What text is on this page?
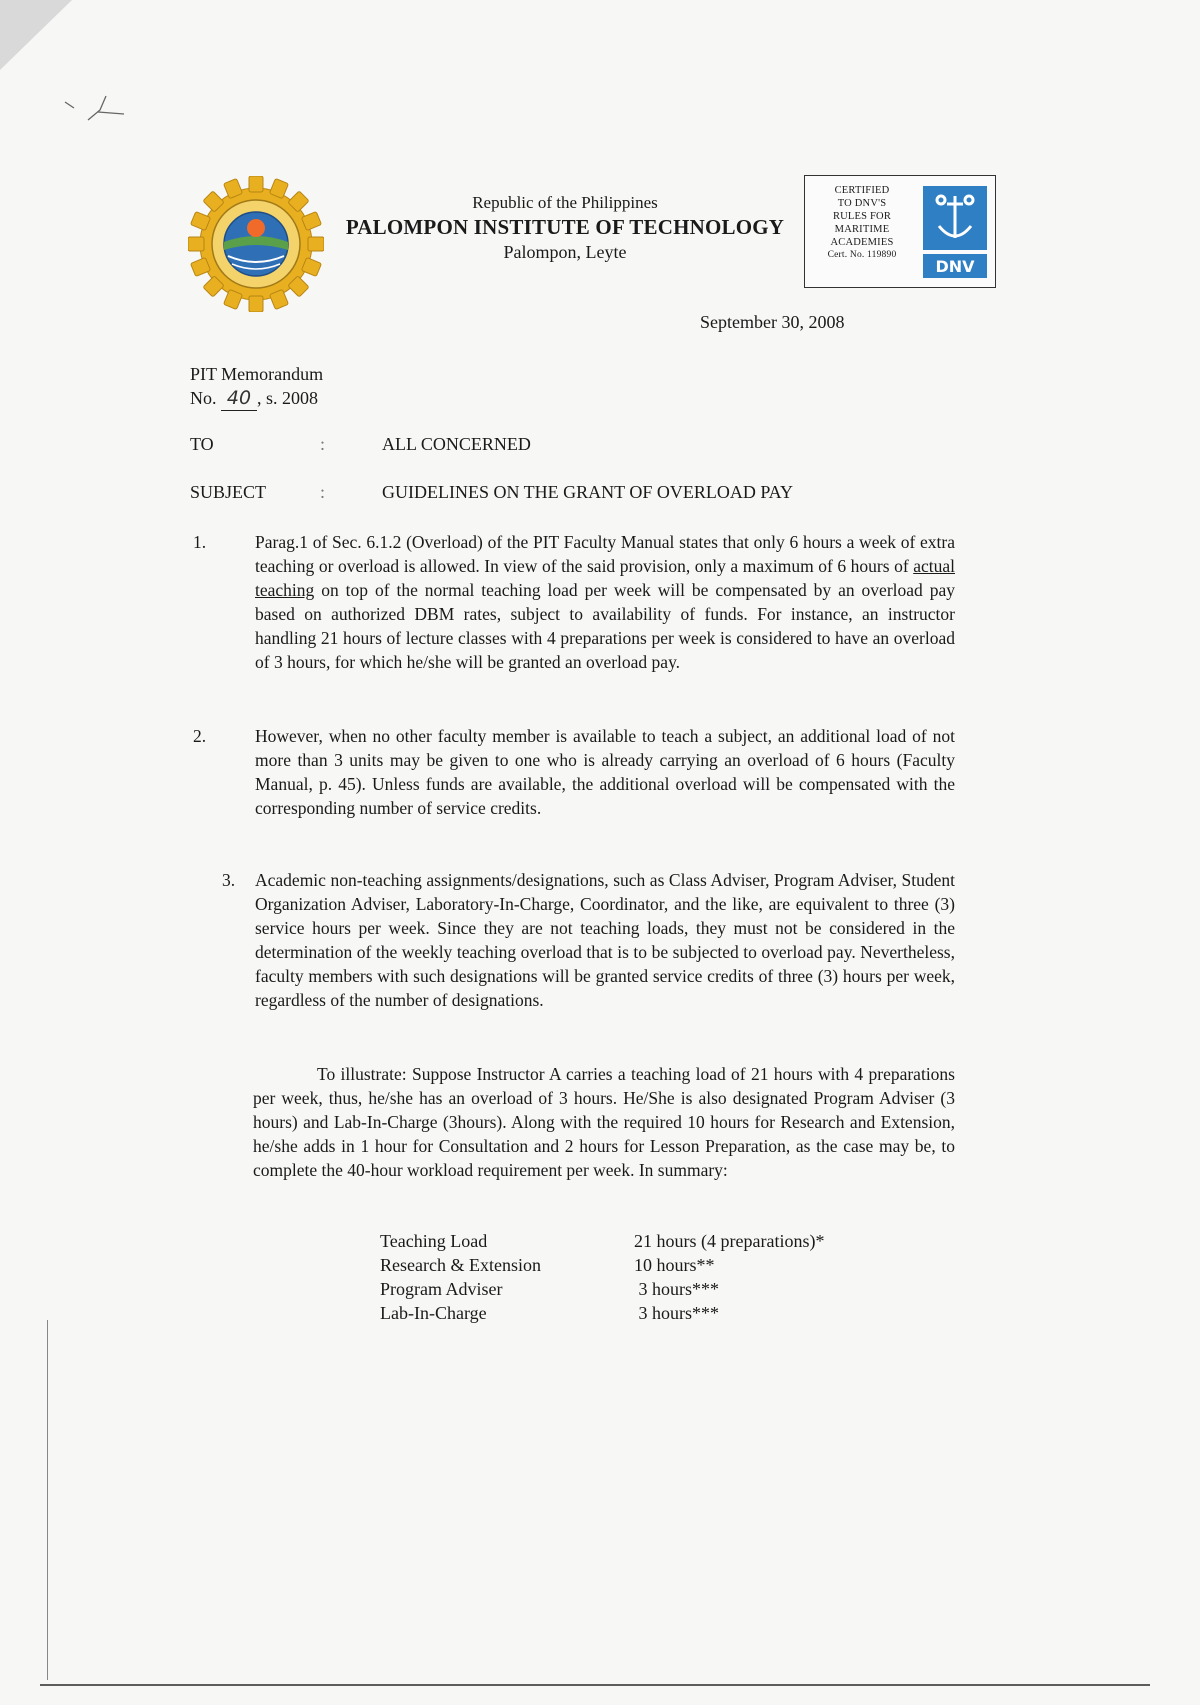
Republic of the Philippines
PALOMPON INSTITUTE OF TECHNOLOGY
Palompon, Leyte
CERTIFIED
TO DNV'S
RULES FOR
MARITIME
ACADEMIES
Cert. No. 119890
DNV
September 30, 2008
PIT Memorandum
No. 40 , s. 2008
TO	:	ALL CONCERNED
SUBJECT	:	GUIDELINES ON THE GRANT OF OVERLOAD PAY
1.	Parag.1 of Sec. 6.1.2 (Overload) of the PIT Faculty Manual states that only 6 hours a week of extra teaching or overload is allowed. In view of the said provision, only a maximum of 6 hours of actual teaching on top of the normal teaching load per week will be compensated by an overload pay based on authorized DBM rates, subject to availability of funds. For instance, an instructor handling 21 hours of lecture classes with 4 preparations per week is considered to have an overload of 3 hours, for which he/she will be granted an overload pay.
2.	However, when no other faculty member is available to teach a subject, an additional load of not more than 3 units may be given to one who is already carrying an overload of 6 hours (Faculty Manual, p. 45). Unless funds are available, the additional overload will be compensated with the corresponding number of service credits.
3. Academic non-teaching assignments/designations, such as Class Adviser, Program Adviser, Student Organization Adviser, Laboratory-In-Charge, Coordinator, and the like, are equivalent to three (3) service hours per week. Since they are not teaching loads, they must not be considered in the determination of the weekly teaching overload that is to be subjected to overload pay. Nevertheless, faculty members with such designations will be granted service credits of three (3) hours per week, regardless of the number of designations.
To illustrate: Suppose Instructor A carries a teaching load of 21 hours with 4 preparations per week, thus, he/she has an overload of 3 hours. He/She is also designated Program Adviser (3 hours) and Lab-In-Charge (3hours). Along with the required 10 hours for Research and Extension, he/she adds in 1 hour for Consultation and 2 hours for Lesson Preparation, as the case may be, to complete the 40-hour workload requirement per week. In summary:
Teaching Load	21 hours (4 preparations)*
Research & Extension	10 hours**
Program Adviser	3 hours***
Lab-In-Charge	3 hours***
